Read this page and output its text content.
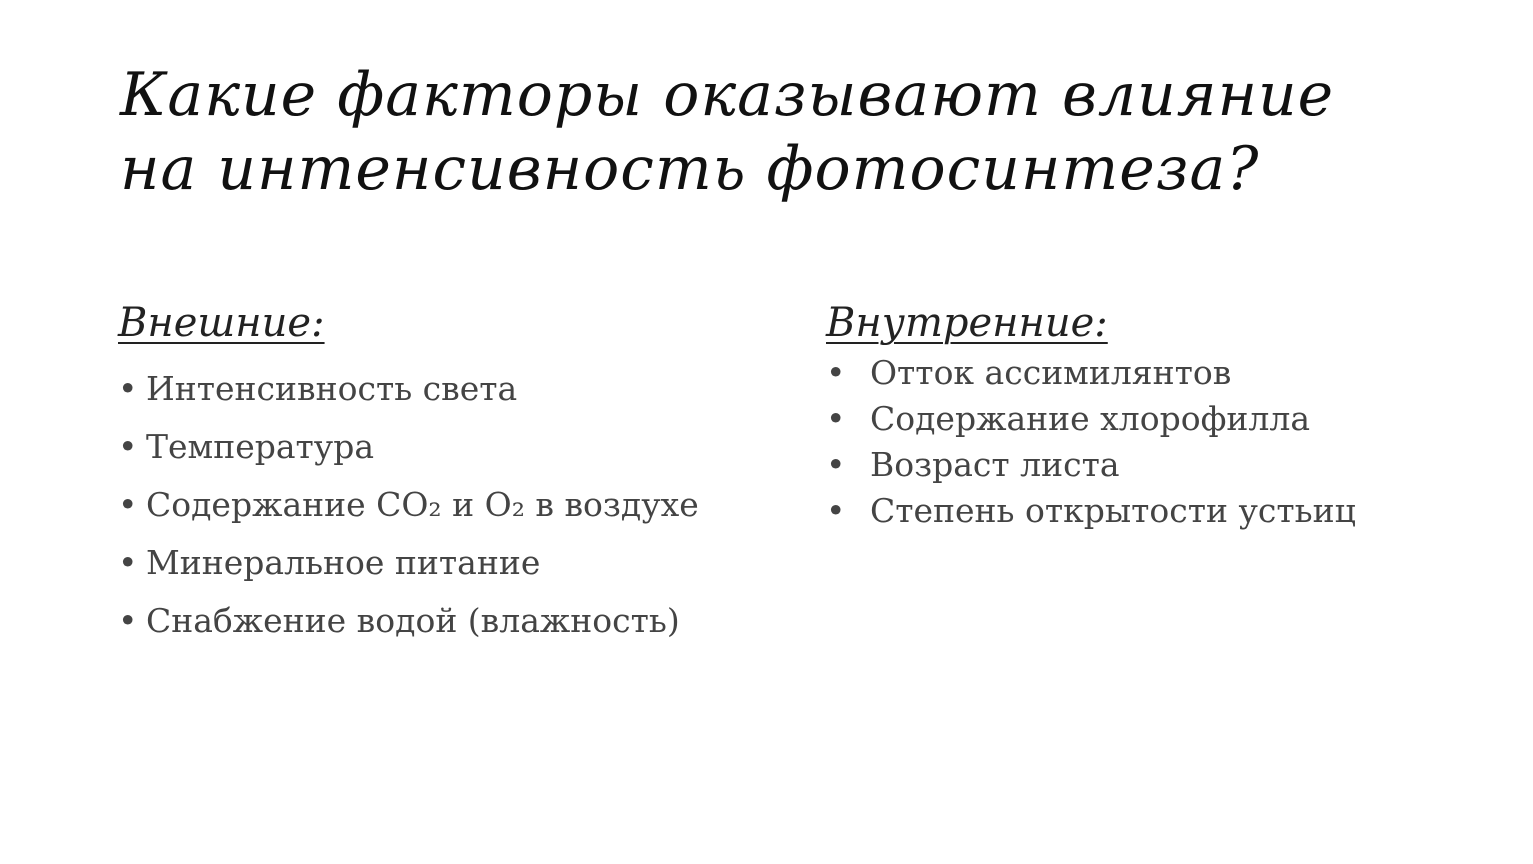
Какие факторы оказывают влияние
на интенсивность фотосинтеза?
Внешние:
• Интенсивность света
• Температура
• Содержание CO₂ и O₂ в воздухе
• Минеральное питание
• Снабжение водой (влажность)
Внутренние:
• Отток ассимилянтов
• Содержание хлорофилла
• Возраст листа
• Степень открытости устьиц
